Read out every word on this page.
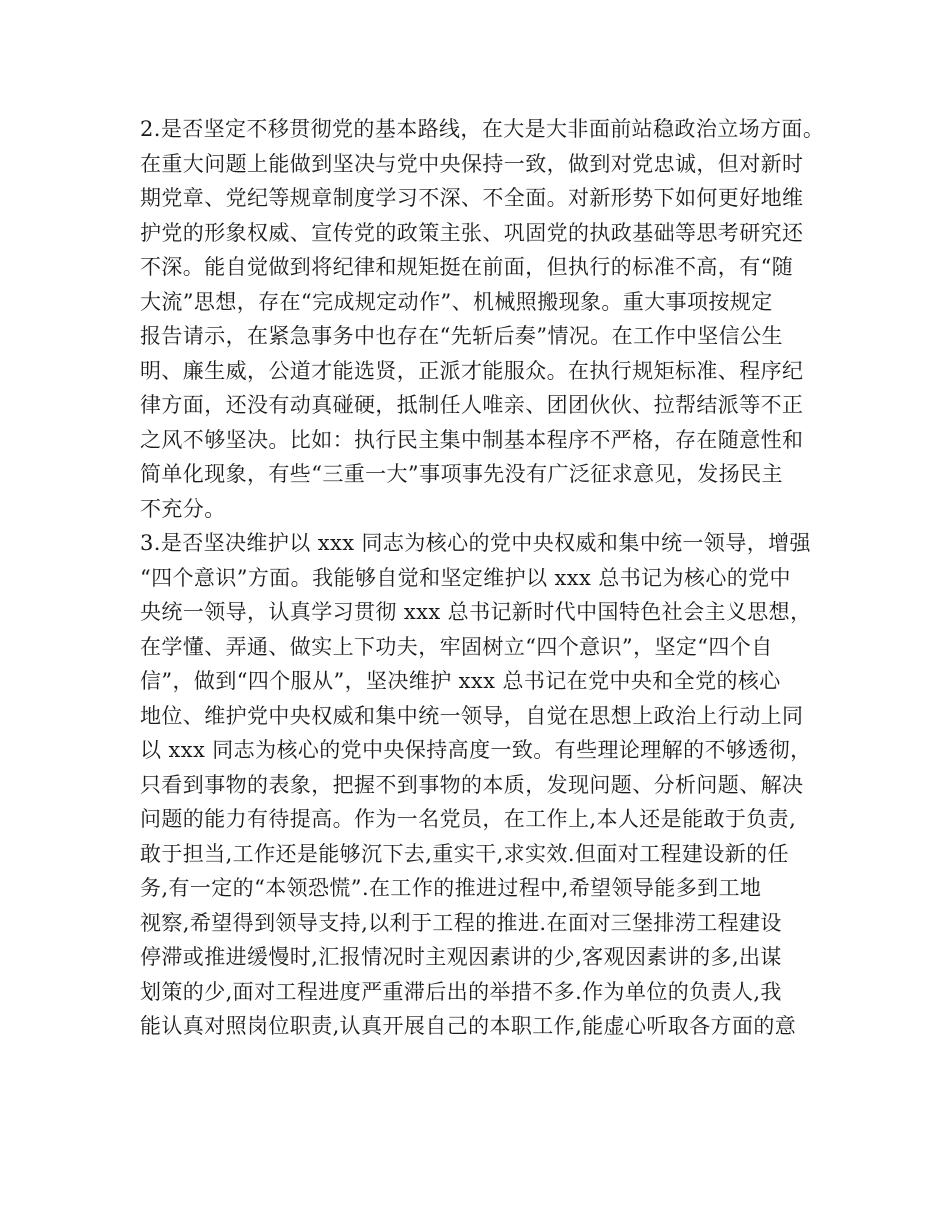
2.是否坚定不移贯彻党的基本路线，在大是大非面前站稳政治立场方面。
在重大问题上能做到坚决与党中央保持一致，做到对党忠诚，但对新时
期党章、党纪等规章制度学习不深、不全面。对新形势下如何更好地维
护党的形象权威、宣传党的政策主张、巩固党的执政基础等思考研究还
不深。能自觉做到将纪律和规矩挺在前面，但执行的标准不高，有“随
大流”思想，存在“完成规定动作”、机械照搬现象。重大事项按规定
报告请示，在紧急事务中也存在“先斩后奏”情况。在工作中坚信公生
明、廉生威，公道才能选贤，正派才能服众。在执行规矩标准、程序纪
律方面，还没有动真碰硬，抵制任人唯亲、团团伙伙、拉帮结派等不正
之风不够坚决。比如：执行民主集中制基本程序不严格，存在随意性和
简单化现象，有些“三重一大”事项事先没有广泛征求意见，发扬民主
不充分。
3.是否坚决维护以 xxx 同志为核心的党中央权威和集中统一领导，增强
“四个意识”方面。我能够自觉和坚定维护以 xxx 总书记为核心的党中
央统一领导，认真学习贯彻 xxx 总书记新时代中国特色社会主义思想，
在学懂、弄通、做实上下功夫，牢固树立“四个意识”，坚定“四个自
信”，做到“四个服从”，坚决维护 xxx 总书记在党中央和全党的核心
地位、维护党中央权威和集中统一领导，自觉在思想上政治上行动上同
以 xxx 同志为核心的党中央保持高度一致。有些理论理解的不够透彻，
只看到事物的表象，把握不到事物的本质，发现问题、分析问题、解决
问题的能力有待提高。作为一名党员，在工作上,本人还是能敢于负责,
敢于担当,工作还是能够沉下去,重实干,求实效.但面对工程建设新的任
务,有一定的“本领恐慌”.在工作的推进过程中,希望领导能多到工地
视察,希望得到领导支持,以利于工程的推进.在面对三堡排涝工程建设
停滞或推进缓慢时,汇报情况时主观因素讲的少,客观因素讲的多,出谋
划策的少,面对工程进度严重滞后出的举措不多.作为单位的负责人,我
能认真对照岗位职责,认真开展自己的本职工作,能虚心听取各方面的意
